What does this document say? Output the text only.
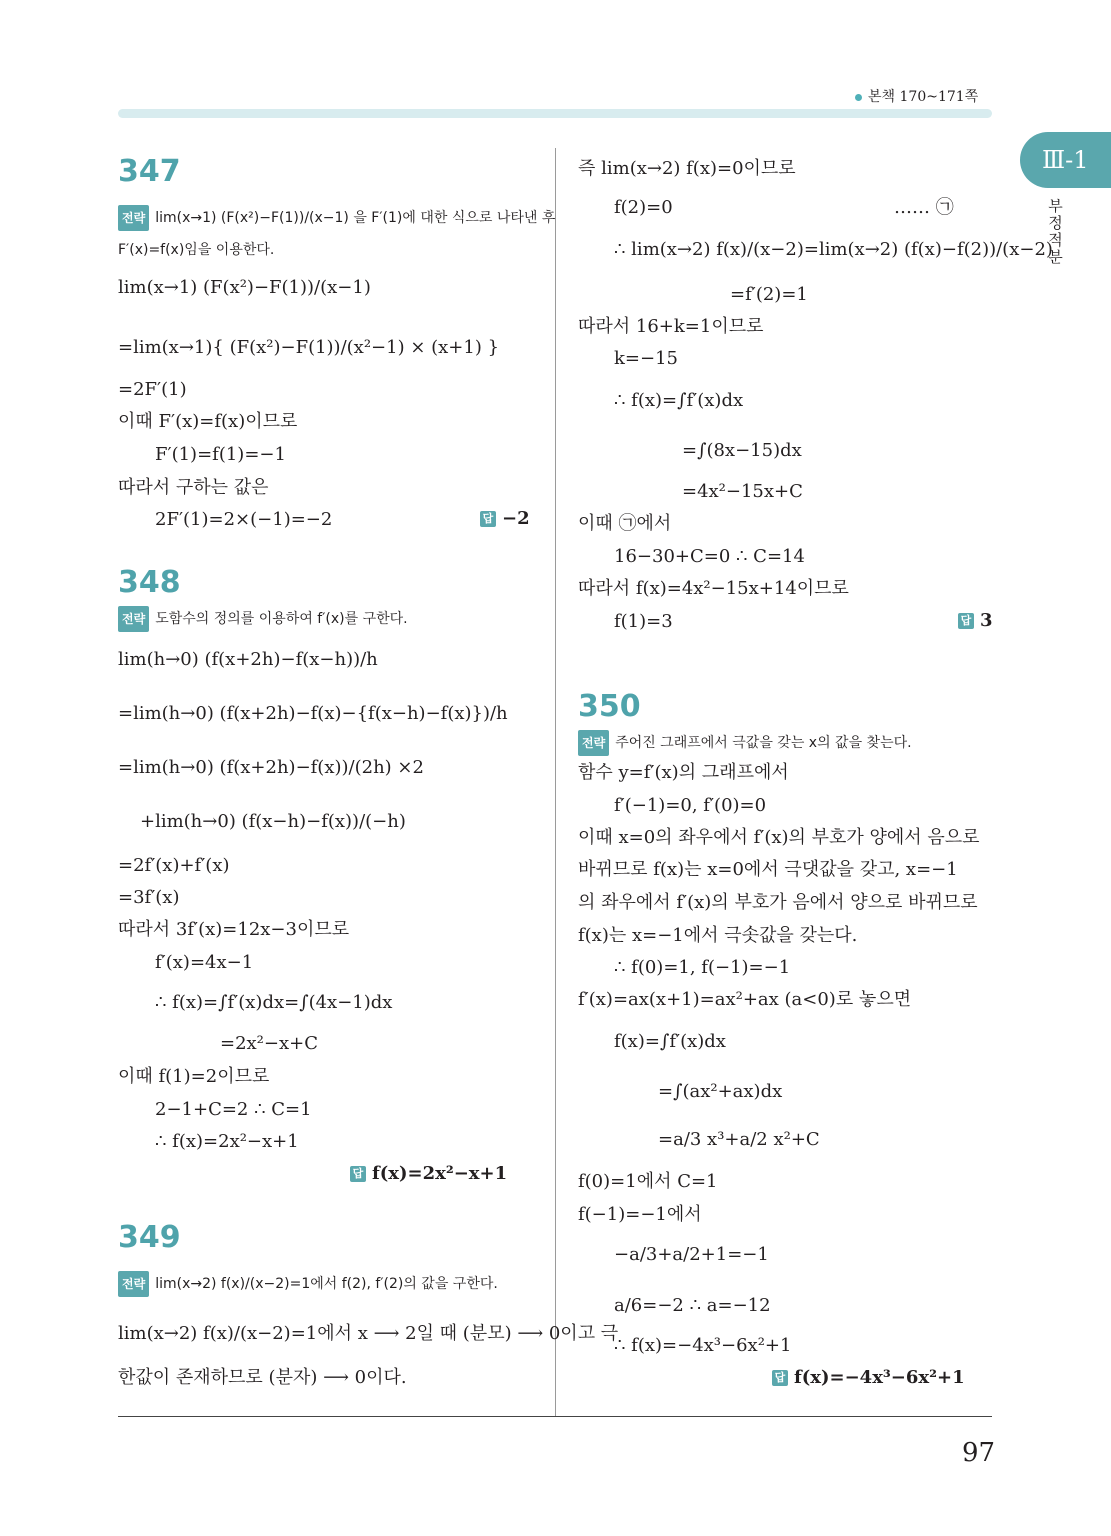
본책 170~171쪽
Ⅲ-1
부정적분
97
347
전략 lim(x→1) (F(x²)−F(1))/(x−1) 을 F′(1)에 대한 식으로 나타낸 후
F′(x)=f(x)임을 이용한다.
lim(x→1) (F(x²)−F(1))/(x−1)
=lim(x→1){ (F(x²)−F(1))/(x²−1) × (x+1) }
=2F′(1)
이때 F′(x)=f(x)이므로
F′(1)=f(1)=−1
따라서 구하는 값은
2F′(1)=2×(−1)=−2	답 −2
348
전략 도함수의 정의를 이용하여 f′(x)를 구한다.
lim(h→0) (f(x+2h)−f(x−h))/h
=lim(h→0) (f(x+2h)−f(x)−{f(x−h)−f(x)})/h
=lim(h→0) (f(x+2h)−f(x))/(2h) ×2
+lim(h→0) (f(x−h)−f(x))/(−h)
=2f′(x)+f′(x)
=3f′(x)
따라서 3f′(x)=12x−3이므로
f′(x)=4x−1
∴ f(x)=∫f′(x)dx=∫(4x−1)dx
=2x²−x+C
이때 f(1)=2이므로
2−1+C=2 ∴ C=1
∴ f(x)=2x²−x+1
답 f(x)=2x²−x+1
349
전략 lim(x→2) f(x)/(x−2)=1에서 f(2), f′(2)의 값을 구한다.
lim(x→2) f(x)/(x−2)=1에서 x ⟶ 2일 때 (분모) ⟶ 0이고 극
한값이 존재하므로 (분자) ⟶ 0이다.
즉 lim(x→2) f(x)=0이므로
f(2)=0	…… ㉠
∴ lim(x→2) f(x)/(x−2)=lim(x→2) (f(x)−f(2))/(x−2)
=f′(2)=1
따라서 16+k=1이므로
k=−15
∴ f(x)=∫f′(x)dx
=∫(8x−15)dx
=4x²−15x+C
이때 ㉠에서
16−30+C=0 ∴ C=14
따라서 f(x)=4x²−15x+14이므로
f(1)=3	답 3
350
전략 주어진 그래프에서 극값을 갖는 x의 값을 찾는다.
함수 y=f′(x)의 그래프에서
f′(−1)=0, f′(0)=0
이때 x=0의 좌우에서 f′(x)의 부호가 양에서 음으로
바뀌므로 f(x)는 x=0에서 극댓값을 갖고, x=−1
의 좌우에서 f′(x)의 부호가 음에서 양으로 바뀌므로
f(x)는 x=−1에서 극솟값을 갖는다.
∴ f(0)=1, f(−1)=−1
f′(x)=ax(x+1)=ax²+ax (a<0)로 놓으면
f(x)=∫f′(x)dx
=∫(ax²+ax)dx
=a/3 x³+a/2 x²+C
f(0)=1에서 C=1
f(−1)=−1에서
−a/3+a/2+1=−1
a/6=−2 ∴ a=−12
∴ f(x)=−4x³−6x²+1
답 f(x)=−4x³−6x²+1
